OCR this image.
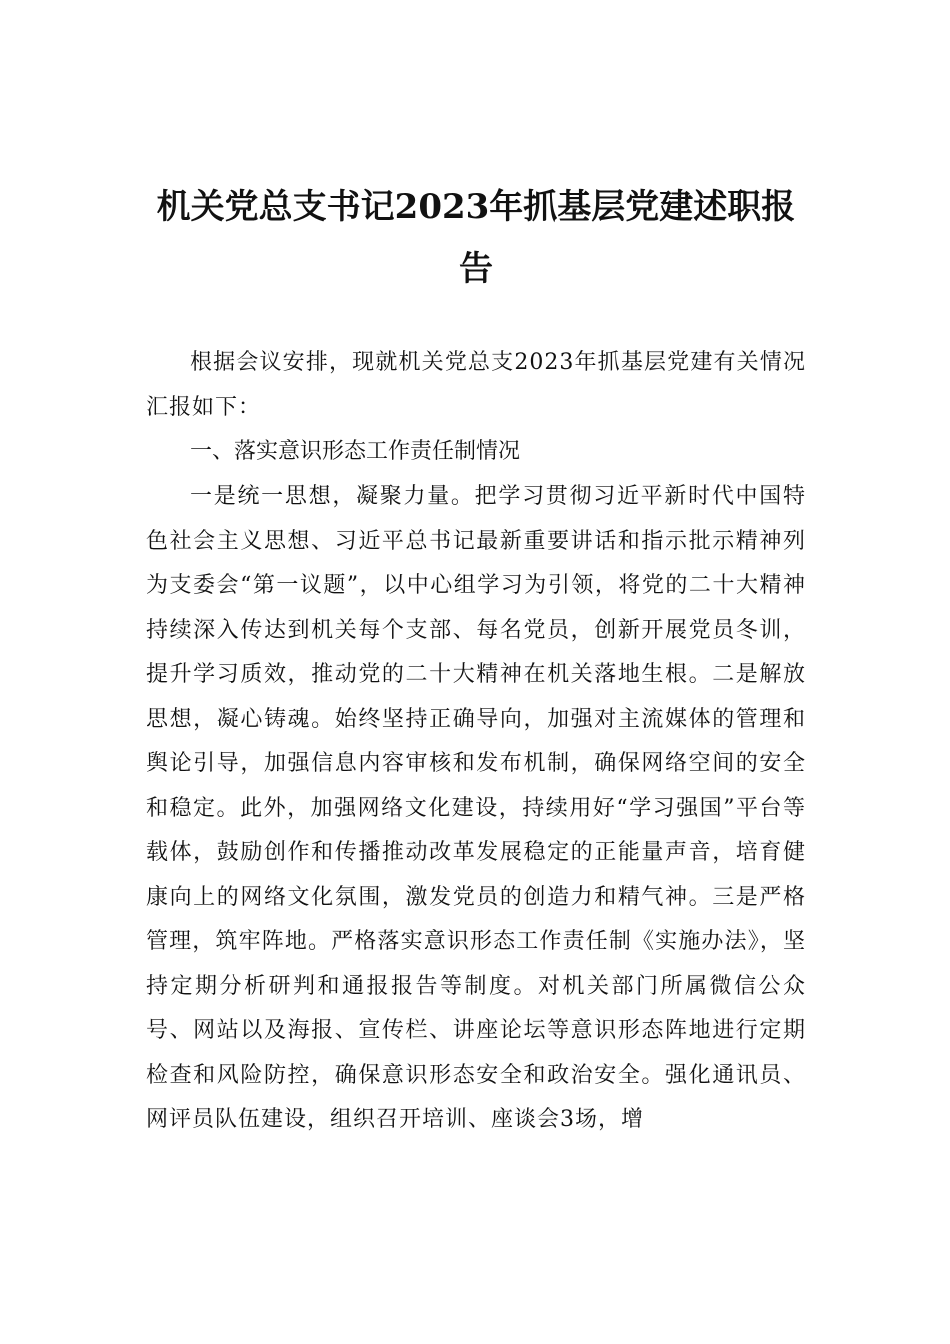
机关党总支书记2023年抓基层党建述职报告

根据会议安排，现就机关党总支2023年抓基层党建有关情况汇报如下：

一、落实意识形态工作责任制情况

一是统一思想，凝聚力量。把学习贯彻习近平新时代中国特色社会主义思想、习近平总书记最新重要讲话和指示批示精神列为支委会“第一议题”，以中心组学习为引领，将党的二十大精神持续深入传达到机关每个支部、每名党员，创新开展党员冬训，提升学习质效，推动党的二十大精神在机关落地生根。二是解放思想，凝心铸魂。始终坚持正确导向，加强对主流媒体的管理和舆论引导，加强信息内容审核和发布机制，确保网络空间的安全和稳定。此外，加强网络文化建设，持续用好“学习强国”平台等载体，鼓励创作和传播推动改革发展稳定的正能量声音，培育健康向上的网络文化氛围，激发党员的创造力和精气神。三是严格管理，筑牢阵地。严格落实意识形态工作责任制《实施办法》，坚持定期分析研判和通报报告等制度。对机关部门所属微信公众号、网站以及海报、宣传栏、讲座论坛等意识形态阵地进行定期检查和风险防控，确保意识形态安全和政治安全。强化通讯员、网评员队伍建设，组织召开培训、座谈会3场，增
